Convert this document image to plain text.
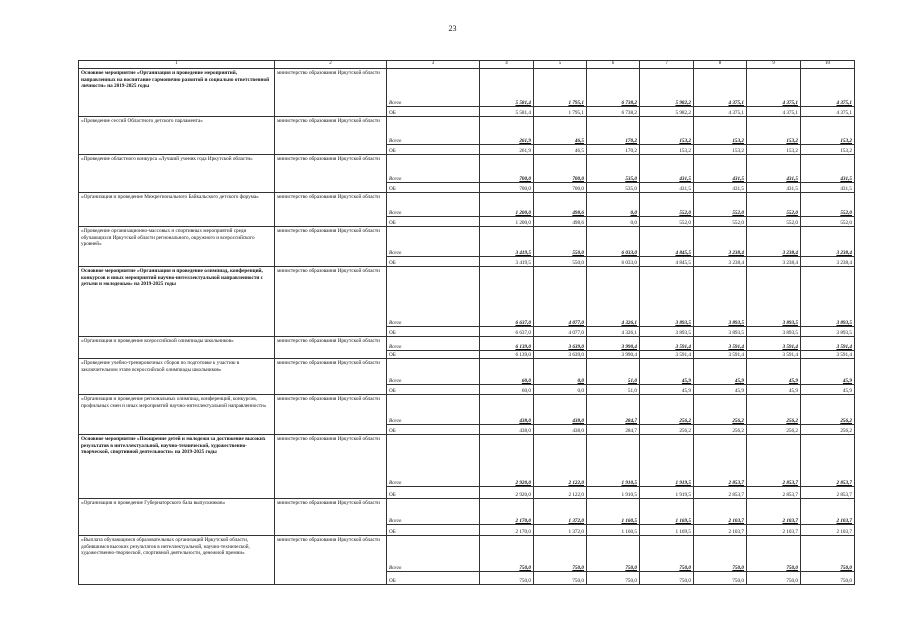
23
1	2	3	4	5	6	7	8	9	10
Основное мероприятие «Организация и проведение мероприятий, направленных на воспитание гармонично развитой и социально ответственной личности» на 2019-2025 годы	министерство образования Иркутской области	Всего	5 581,4	1 795,1	6 738,2	5 982,2	4 375,1	4 375,1	4 375,1
		ОБ	5 581,4	1 795,1	6 738,2	5 982,2	4 375,1	4 375,1	4 375,1
«Проведение сессий Областного детского парламента»	министерство образования Иркутской области	Всего	261,9	46,5	170,2	153,2	153,2	153,2	153,2
		ОБ	261,9	46,5	170,2	153,2	153,2	153,2	153,2
«Проведение областного конкурса «Лучший ученик года Иркутской области»	министерство образования Иркутской области	Всего	700,0	700,0	535,0	431,5	431,5	431,5	431,5
		ОБ	700,0	700,0	535,0	431,5	431,5	431,5	431,5
«Организация и проведение Межрегионального Байкальского детского форума»	министерство образования Иркутской области	Всего	1 200,0	498,6	0,0	552,0	552,0	552,0	552,0
		ОБ	1 200,0	498,6	0,0	552,0	552,0	552,0	552,0
«Проведение организационно-массовых и спортивных мероприятий среди обучающихся Иркутской области регионального, окружного и всероссийского уровней»	министерство образования Иркутской области	Всего	3 419,5	550,0	6 033,0	4 845,5	3 238,4	3 238,4	3 238,4
		ОБ	3 419,5	550,0	6 033,0	4 845,5	3 238,4	3 238,4	3 238,4
Основное мероприятие «Организация и проведение олимпиад, конференций, конкурсов и иных мероприятий научно-интеллектуальной направленности с детьми и молодежью» на 2019-2025 годы	министерство образования Иркутской области	Всего	6 637,0	4 077,0	4 326,1	3 893,5	3 893,5	3 893,5	3 893,5
		ОБ	6 637,0	4 077,0	4 326,1	3 893,5	3 893,5	3 893,5	3 893,5
«Организация и проведение всероссийской олимпиады школьников»	министерство образования Иркутской области	Всего	6 139,0	3 639,0	3 990,4	3 591,4	3 591,4	3 591,4	3 591,4
		ОБ	6 139,0	3 639,0	3 990,4	3 591,4	3 591,4	3 591,4	3 591,4
«Проведение учебно-тренировочных сборов по подготовке к участию в заключительном этапе всероссийской олимпиады школьников»	министерство образования Иркутской области	Всего	60,0	0,0	51,0	45,9	45,9	45,9	45,9
		ОБ	60,0	0,0	51,0	45,9	45,9	45,9	45,9
«Организация и проведение региональных олимпиад, конференций, конкурсов, профильных смен и иных мероприятий научно-интеллектуальной направленности»	министерство образования Иркутской области	Всего	438,0	438,0	284,7	256,2	256,2	256,2	256,2
		ОБ	438,0	438,0	284,7	256,2	256,2	256,2	256,2
Основное мероприятие «Поощрение детей и молодежи за достижение высоких результатов в интеллектуальной, научно-технической, художественно-творческой, спортивной деятельности» на 2019-2025 годы	министерство образования Иркутской области	Всего	2 920,0	2 122,0	1 910,5	1 919,5	2 853,7	2 853,7	2 853,7
		ОБ	2 920,0	2 122,0	1 910,5	1 919,5	2 853,7	2 853,7	2 853,7
«Организация и проведение Губернаторского бала выпускников»	министерство образования Иркутской области	Всего	2 170,0	1 372,0	1 160,5	1 169,5	2 103,7	2 103,7	2 103,7
		ОБ	2 170,0	1 372,0	1 160,5	1 169,5	2 103,7	2 103,7	2 103,7
«Выплата обучающимся образовательных организаций Иркутской области, добившимся высоких результатов в интеллектуальной, научно-технической, художественно-творческой, спортивной деятельности, денежной премии»	министерство образования Иркутской области	Всего	750,0	750,0	750,0	750,0	750,0	750,0	750,0
		ОБ	750,0	750,0	750,0	750,0	750,0	750,0	750,0
